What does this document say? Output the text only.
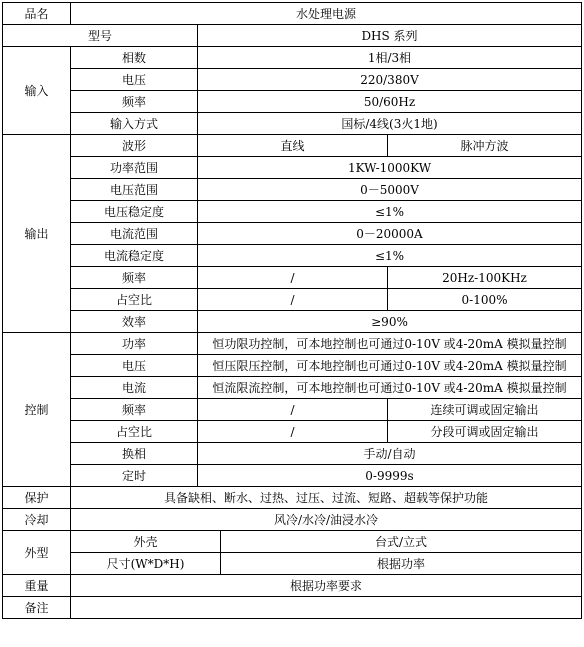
品名	水处理电源			
型号		DHS 系列		
输入	相数	1相/3相		
	电压	220/380V		
	频率	50/60Hz		
	输入方式	国标/4线(3火1地)		
输出	波形	直线		脉冲方波
	功率范围	1KW-1000KW		
	电压范围	0－5000V		
	电压稳定度	≤1%		
	电流范围	0－20000A		
	电流稳定度	≤1%		
	频率	/		20Hz-100KHz
	占空比	/		0-100%
	效率	≥90%		
控制	功率	恒功限功控制，可本地控制也可通过0-10V 或4-20mA 模拟量控制		
	电压	恒压限压控制，可本地控制也可通过0-10V 或4-20mA 模拟量控制		
	电流	恒流限流控制，可本地控制也可通过0-10V 或4-20mA 模拟量控制		
	频率	/		连续可调或固定输出
	占空比	/		分段可调或固定输出
	换相	手动/自动		
	定时	0-9999s		
保护	具备缺相、断水、过热、过压、过流、短路、超载等保护功能			
冷却	风冷/水冷/油浸水冷			
外型	外壳		台式/立式	
	尺寸(W*D*H)		根据功率	
重量	根据功率要求			
备注				
